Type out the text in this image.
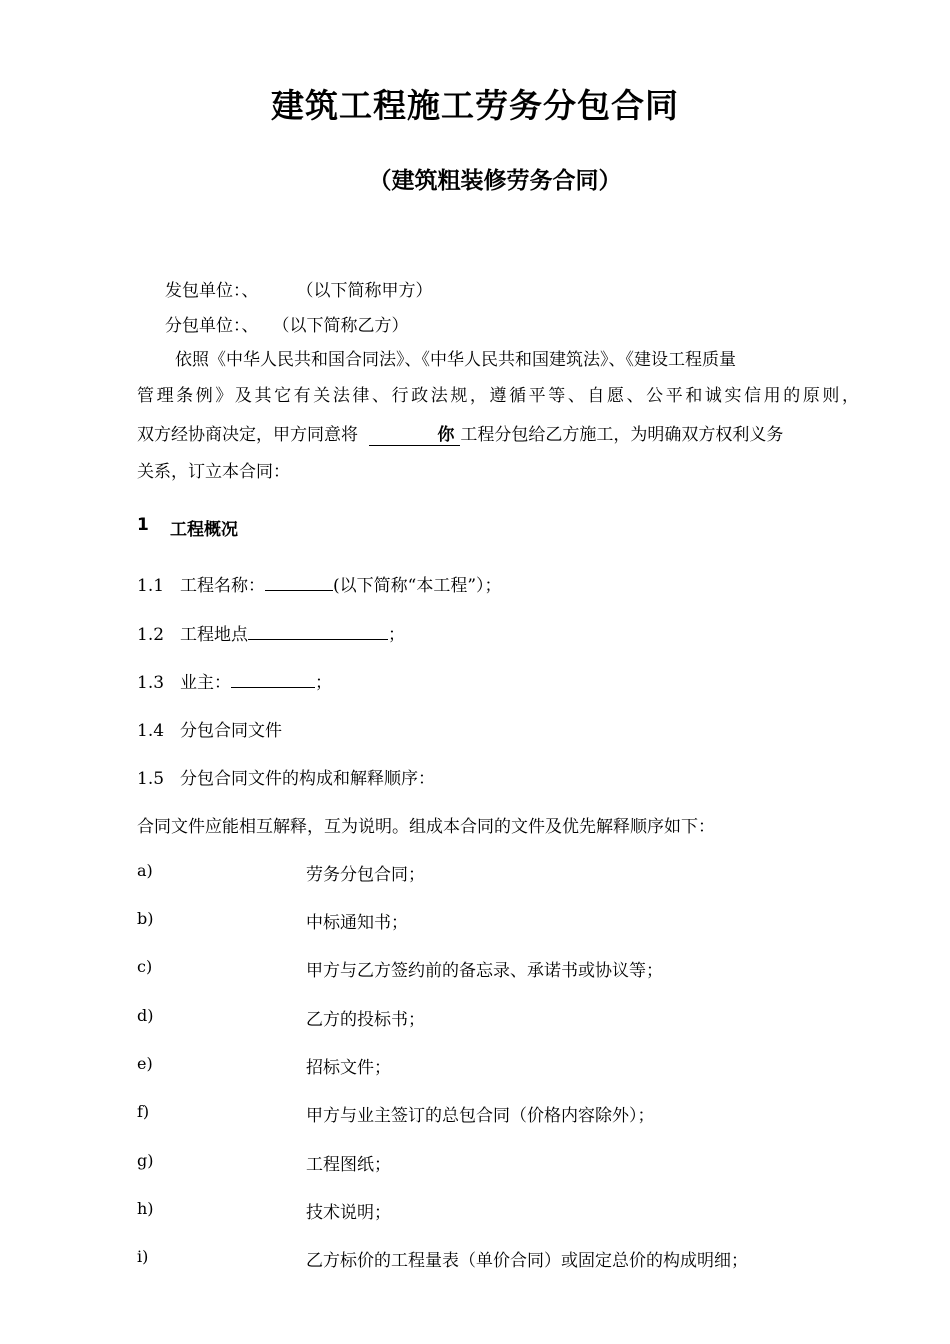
建筑工程施工劳务分包合同
（建筑粗装修劳务合同）
发包单位：、 （以下简称甲方）
分包单位：、 （以下简称乙方）
依照《中华人民共和国合同法》、《中华人民共和国建筑法》、《建设工程质量
管理条例》及其它有关法律、行政法规，遵循平等、自愿、公平和诚实信用的原则，
双方经协商决定，甲方同意将	你 工程分包给乙方施工，为明确双方权利义务
关系，订立本合同：
1 工程概况
1.1 工程名称：	(以下简称“本工程”）；
1.2 工程地点	；
1.3 业主：	；
1.4 分包合同文件
1.5 分包合同文件的构成和解释顺序：
合同文件应能相互解释，互为说明。组成本合同的文件及优先解释顺序如下：
a)	劳务分包合同；
b)	中标通知书；
c)	甲方与乙方签约前的备忘录、承诺书或协议等；
d)	乙方的投标书；
e)	招标文件；
f)	甲方与业主签订的总包合同（价格内容除外）；
g)	工程图纸；
h)	技术说明；
i)	乙方标价的工程量表（单价合同）或固定总价的构成明细；
